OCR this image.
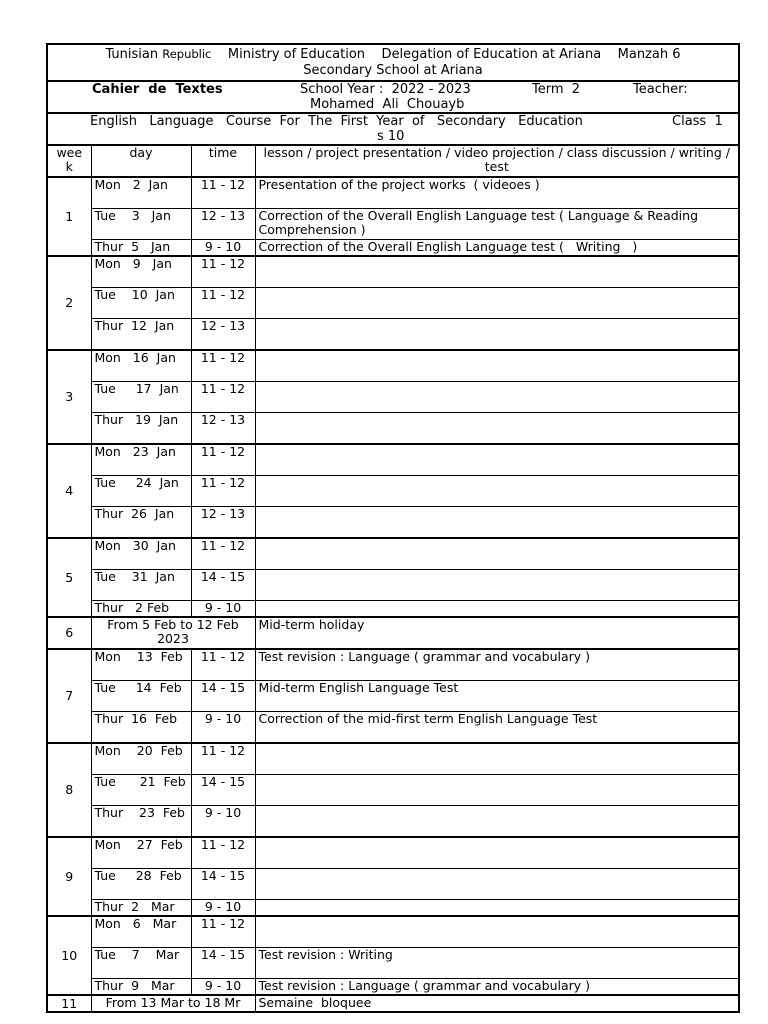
Tunisian Republic    Ministry of Education    Delegation of Education at Ariana    Manzah 6
Secondary School at Ariana
Cahier  de  Textes	School Year :  2022 - 2023	Term  2	Teacher:
Mohamed  Ali  Chouayb
English   Language   Course  For  The  First  Year  of   Secondary   Education	Class  1
s 10
wee k	day	time	lesson / project presentation / video projection / class discussion / writing / test
1	Mon   2  Jan	11 - 12	Presentation of the project works  ( videoes )
	Tue    3   Jan	12 - 13	Correction of the Overall English Language test ( Language & Reading Comprehension )
	Thur  5   Jan	9 - 10	Correction of the Overall English Language test (   Writing   )
2	Mon   9   Jan	11 - 12	
	Tue    10  Jan	11 - 12	
	Thur  12  Jan	12 - 13	
3	Mon   16  Jan	11 - 12	
	Tue     17  Jan	11 - 12	
	Thur   19  Jan	12 - 13	
4	Mon   23  Jan	11 - 12	
	Tue     24  Jan	11 - 12	
	Thur  26  Jan	12 - 13	
5	Mon   30  Jan	11 - 12	
	Tue    31  Jan	14 - 15	
	Thur   2 Feb	9 - 10	
6	From 5 Feb to 12 Feb 2023		Mid-term holiday
7	Mon    13  Feb	11 - 12	Test revision : Language ( grammar and vocabulary )
	Tue     14  Feb	14 - 15	Mid-term English Language Test
	Thur  16  Feb	9 - 10	Correction of the mid-first term English Language Test
8	Mon    20  Feb	11 - 12	
	Tue      21  Feb	14 - 15	
	Thur    23  Feb	9 - 10	
9	Mon    27  Feb	11 - 12	
	Tue     28  Feb	14 - 15	
	Thur  2   Mar	9 - 10	
10	Mon   6   Mar	11 - 12	
	Tue    7    Mar	14 - 15	Test revision : Writing
	Thur  9   Mar	9 - 10	Test revision : Language ( grammar and vocabulary )
11	From 13 Mar to 18 Mr		Semaine  bloquee
